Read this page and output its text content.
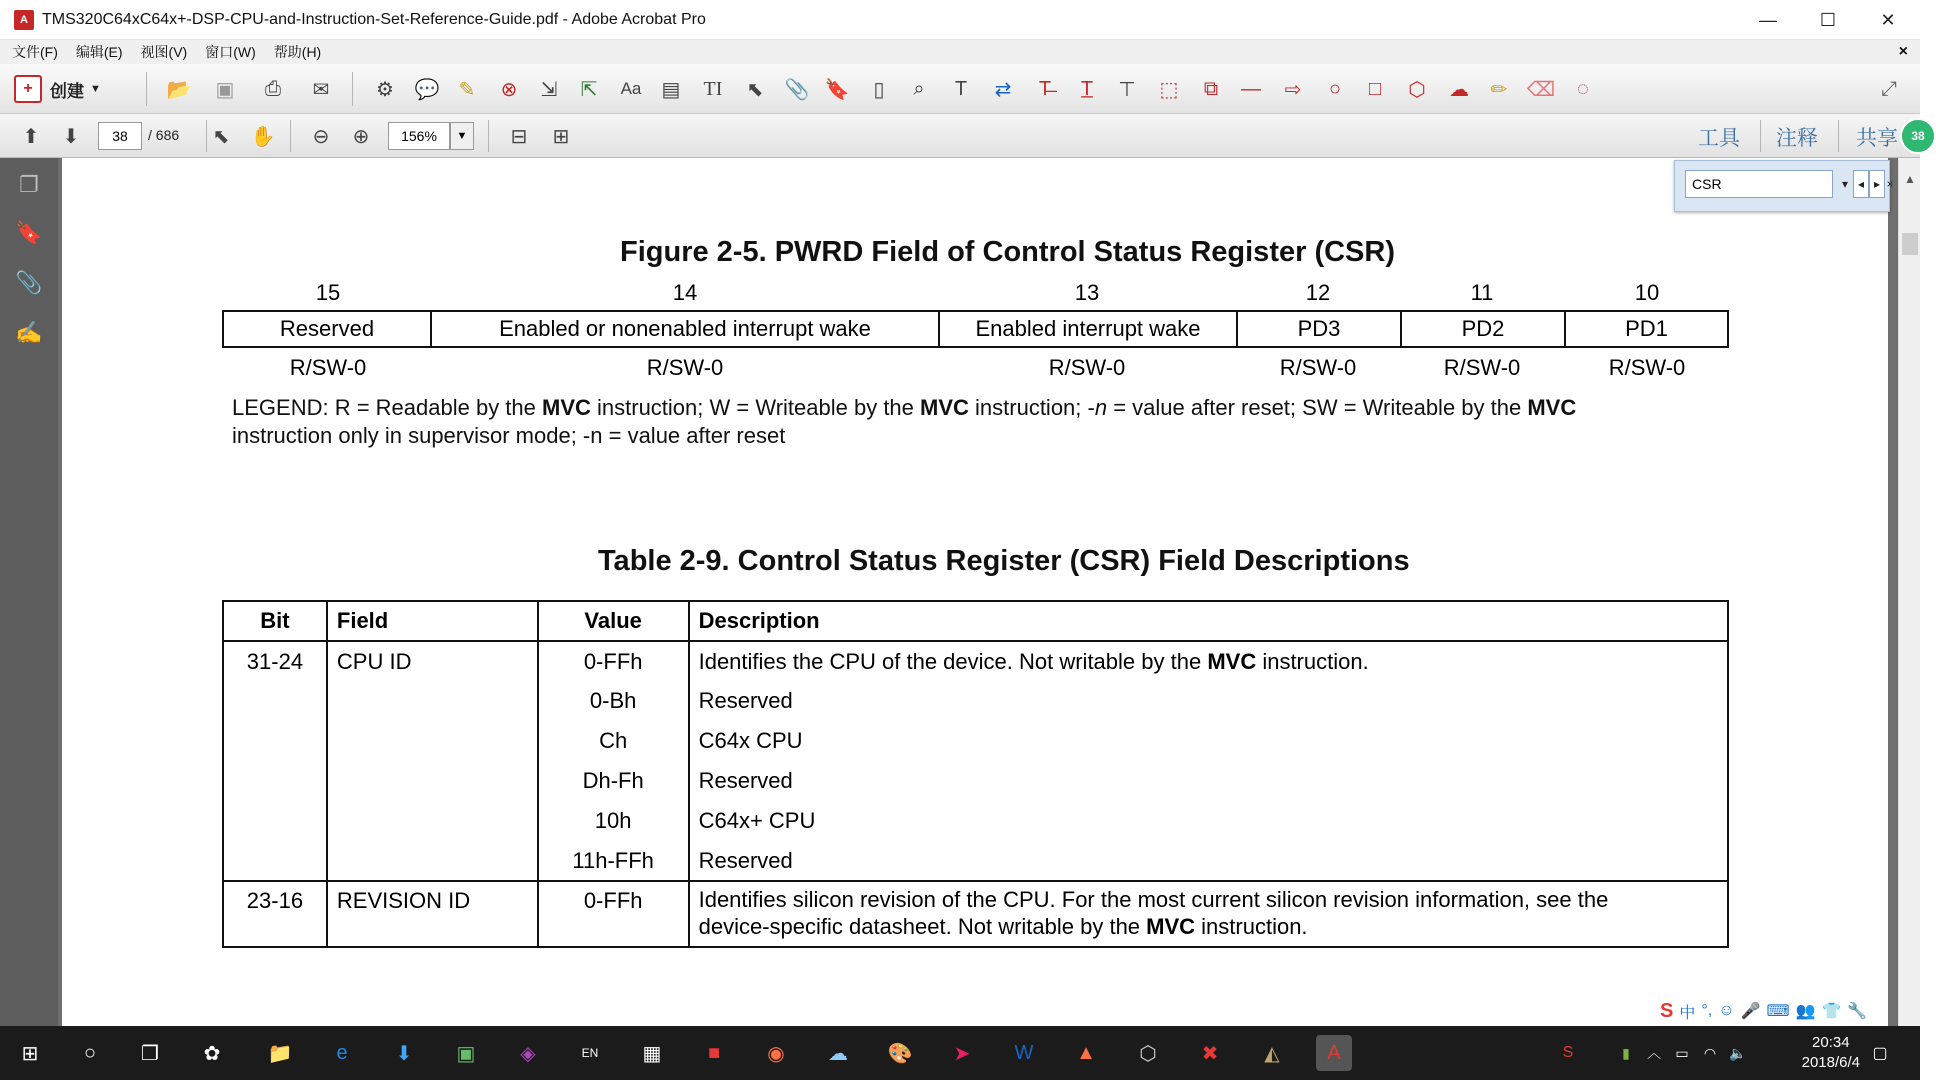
A TMS320C64xC64x+-DSP-CPU-and-Instruction-Set-Reference-Guide.pdf - Adobe Acrobat Pro	—	☐	✕
文件(F) 编辑(E) 视图(V) 窗口(W) 帮助(H)	×
+	创建 ▼	📂 ▣	⎙	✉	⚙	💬 ✎	⊗	⇲	⇱	Aa ▤ TI	⬉	📎 🔖	▯	⌕	T	⇄	T̶	T̲	⊤	⬚	⧉	—	⇨	○	□	⬡	☁	✏ ⌫	◌	⤢
⬆	⬇	⬉	✋	⊖	⊕	⊟	⊞
38	/ 686	156%	▼	工具 注释 共享	38
❐
🔖
📎
✍
▲
CSR	▾ ◂ ▸ ×
Figure 2-5. PWRD Field of Control Status Register (CSR)
15	14	13	12	11	10
Reserved	Enabled or nonenabled interrupt wake	Enabled interrupt wake	PD3	PD2	PD1
R/SW-0	R/SW-0	R/SW-0	R/SW-0	R/SW-0	R/SW-0
LEGEND: R = Readable by the MVC instruction; W = Writeable by the MVC instruction; -n = value after reset; SW = Writeable by the MVC
instruction only in supervisor mode; -n = value after reset
Table 2-9. Control Status Register (CSR) Field Descriptions
Bit	Field	Value	Description
31-24	CPU ID	0-FFh	Identifies the CPU of the device. Not writable by the MVC instruction.
		0-Bh	Reserved
		Ch	C64x CPU
		Dh-Fh	Reserved
		10h	C64x+ CPU
		11h-FFh	Reserved
23-16	REVISION ID	0-FFh	Identifies silicon revision of the CPU. For the most current silicon revision information, see the
device-specific datasheet. Not writable by the MVC instruction.
S 中 °, ☺ 🎤 ⌨ 👥 👕 🔧
⊞	○	❐	✿	📁	e	⬇	▣	◈	EN	▦	■	◉	☁	🎨	➤	W	▲	⬡	✖	◭	A	S	▮	︿	▭	◠ 🔈
20:34
2018/6/4
▢
